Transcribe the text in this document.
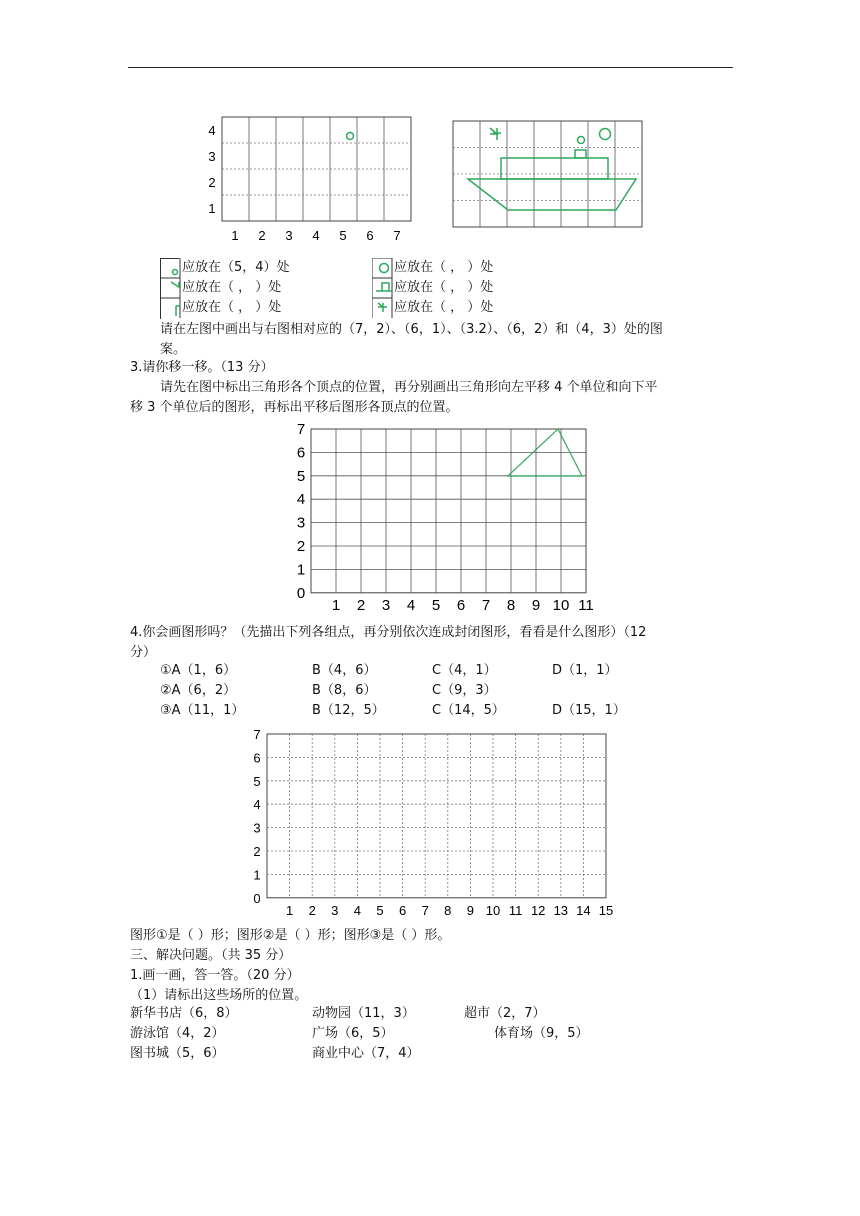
4
3
2
1
1 2 3 4 5 6 7
应放在（5，4）处
应放在（ ， ）处
应放在（ ， ）处
应放在（ ， ）处
应放在（ ， ）处
应放在（ ， ）处
请在左图中画出与右图相对应的（7，2）、（6，1）、（3.2）、（6，2）和（4，3）处的图
案。
3.请你移一移。（13 分）
请先在图中标出三角形各个顶点的位置，再分别画出三角形向左平移 4 个单位和向下平
移 3 个单位后的图形，再标出平移后图形各顶点的位置。
7
6
5
4
3
2
1
0
1 2 3 4 5 6 7 8 9 10 11
4.你会画图形吗？（先描出下列各组点，再分别依次连成封闭图形，看看是什么图形）（12
分）
①A（1，6）	B（4，6）	C（4，1）	D（1，1）
②A（6，2）	B（8，6）	C（9，3）
③A（11，1）	B（12，5）	C（14，5）	D（15，1）
7
6
5
4
3
2
1
0
1 2 3 4 5 6 7 8 9 10 11 12 13 14 15
图形①是（ ）形；图形②是（ ）形；图形③是（ ）形。
三、解决问题。（共 35 分）
1.画一画，答一答。（20 分）
（1）请标出这些场所的位置。
新华书店（6，8）	动物园（11，3）	超市（2，7）
游泳馆（4，2）	广场（6，5）	体育场（9，5）
图书城（5，6）	商业中心（7，4）
